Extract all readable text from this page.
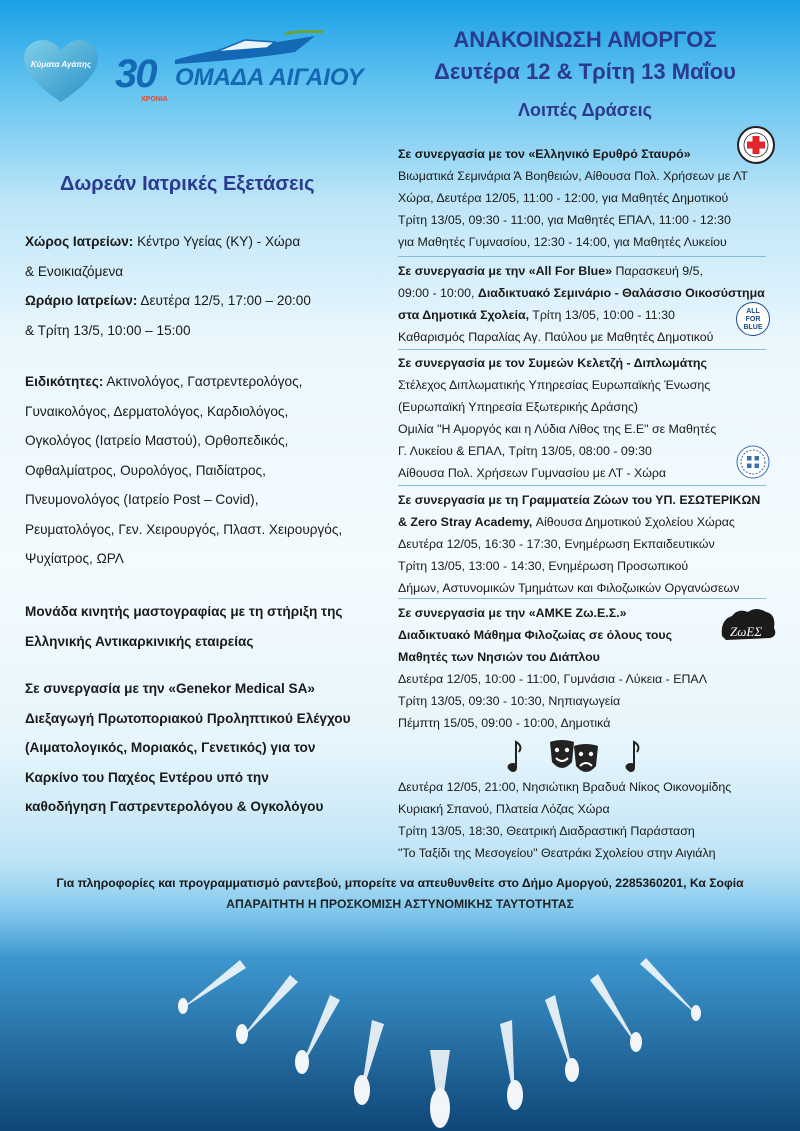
Κύματα Αγάπης 30
ΧΡΟΝΙΑ
ΟΜΑΔΑ ΑΙΓΑΙΟΥ
ΑΝΑΚΟΙΝΩΣΗ ΑΜΟΡΓΟΣ
Δευτέρα 12 & Τρίτη 13 Μαΐου
Λοιπές Δράσεις
Δωρεάν Ιατρικές Εξετάσεις

Χώρος Ιατρείων: Κέντρο Υγείας (ΚΥ) - Χώρα

& Ενοικιαζόμενα

Ωράριο Ιατρείων: Δευτέρα 12/5, 17:00 – 20:00

& Τρίτη 13/5, 10:00 – 15:00

Ειδικότητες: Ακτινολόγος, Γαστρεντερολόγος,

Γυναικολόγος, Δερματολόγος, Καρδιολόγος,

Ογκολόγος (Ιατρείο Μαστού), Ορθοπεδικός,

Οφθαλμίατρος, Ουρολόγος, Παιδίατρος,

Πνευμονολόγος (Ιατρείο Post – Covid),

Ρευματολόγος, Γεν. Χειρουργός, Πλαστ. Χειρουργός,

Ψυχίατρος, ΩΡΛ

Μονάδα κινητής μαστογραφίας με τη στήριξη της

Ελληνικής Αντικαρκινικής εταιρείας

Σε συνεργασία με την «Genekor Medical SA»

Διεξαγωγή Πρωτοποριακού Προληπτικού Ελέγχου

(Αιματολογικός, Μοριακός, Γενετικός) για τον

Καρκίνο του Παχέος Εντέρου υπό την

καθοδήγηση Γαστρεντερολόγου & Ογκολόγου

Σε συνεργασία με τον «Ελληνικό Ερυθρό Σταυρό»

Βιωματικά Σεμινάρια Ά Βοηθειών, Αίθουσα Πολ. Χρήσεων με ΛΤ

Χώρα, Δευτέρα 12/05, 11:00 - 12:00, για Μαθητές Δημοτικού

Τρίτη 13/05, 09:30 - 11:00, για Μαθητές ΕΠΑΛ, 11:00 - 12:30

για Μαθητές Γυμνασίου, 12:30 - 14:00, για Μαθητές Λυκείου

Σε συνεργασία με την «All For Blue» Παρασκευή 9/5,

09:00 - 10:00, Διαδικτυακό Σεμινάριο - Θαλάσσιο Οικοσύστημα

στα Δημοτικά Σχολεία, Τρίτη 13/05, 10:00 - 11:30

Καθαρισμός Παραλίας Αγ. Παύλου με Μαθητές Δημοτικού

ALL
FOR
BLUE

Σε συνεργασία με τον Συμεών Κελετζή - Διπλωμάτης

Στέλεχος Διπλωματικής Υπηρεσίας Ευρωπαϊκής Ένωσης

(Ευρωπαϊκή Υπηρεσία Εξωτερικής Δράσης)

Ομιλία "Η Αμοργός και η Λύδια Λίθος της Ε.Ε" σε Μαθητές

Γ. Λυκείου & ΕΠΑΛ, Τρίτη 13/05, 08:00 - 09:30

Αίθουσα Πολ. Χρήσεων Γυμνασίου με ΛΤ - Χώρα

Σε συνεργασία με τη Γραμματεία Ζώων του ΥΠ. ΕΣΩΤΕΡΙΚΩΝ

& Zero Stray Academy, Αίθουσα Δημοτικού Σχολείου Χώρας

Δευτέρα 12/05, 16:30 - 17:30, Ενημέρωση Εκπαιδευτικών

Τρίτη 13/05, 13:00 - 14:30, Ενημέρωση Προσωπικού

Δήμων, Αστυνομικών Τμημάτων και Φιλοζωικών Οργανώσεων

Σε συνεργασία με την «ΑΜΚΕ Ζω.Ε.Σ.»

Διαδικτυακό Μάθημα Φιλοζωίας σε όλους τους

Μαθητές των Νησιών του Διάπλου

Δευτέρα 12/05, 10:00 - 11:00, Γυμνάσια - Λύκεια - ΕΠΑΛ

Τρίτη 13/05, 09:30 - 10:30, Νηπιαγωγεία

Πέμπτη 15/05, 09:00 - 10:00, Δημοτικά

ΖωΕΣ

Δευτέρα 12/05, 21:00, Νησιώτικη Βραδυά Νίκος Οικονομίδης

Κυριακή Σπανού, Πλατεία Λόζας Χώρα

Τρίτη 13/05, 18:30, Θεατρική Διαδραστική Παράσταση

"Το Ταξίδι της Μεσογείου" Θεατράκι Σχολείου στην Αιγιάλη

Για πληροφορίες και προγραμματισμό ραντεβού, μπορείτε να απευθυνθείτε στο Δήμο Αμοργού, 2285360201, Κα Σοφία
